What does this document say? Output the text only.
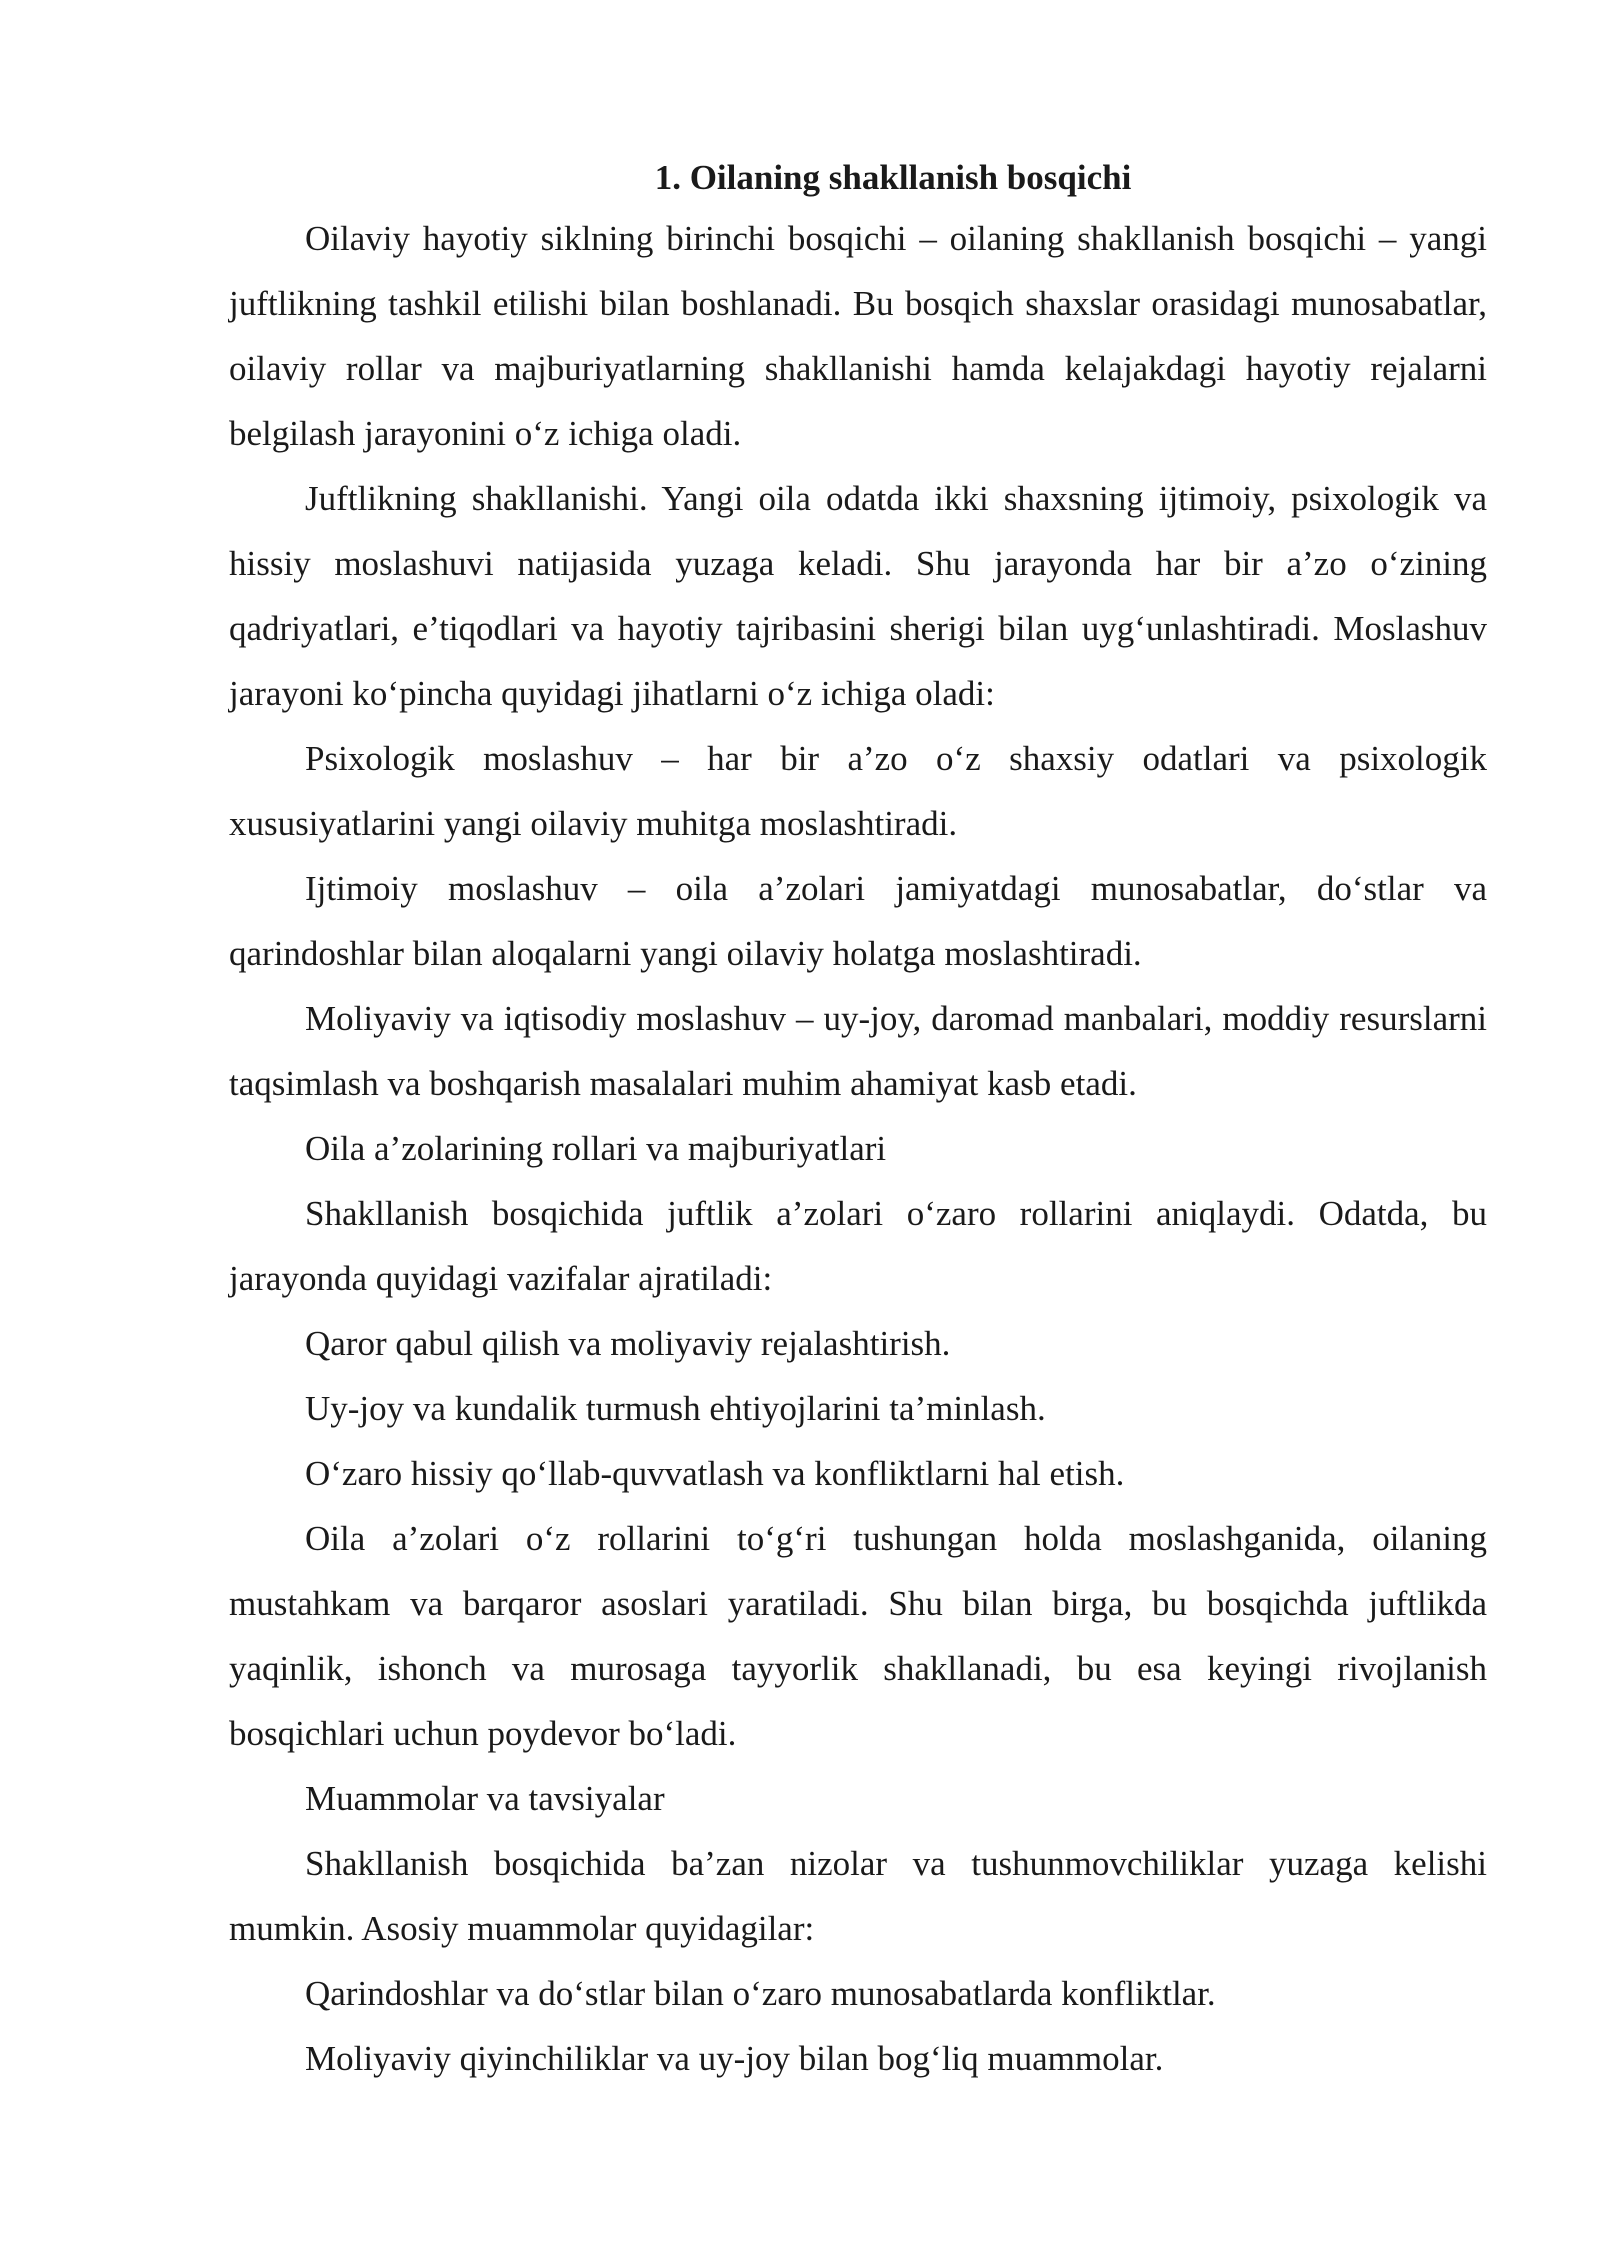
1. Oilaning shakllanish bosqichi

Oilaviy hayotiy siklning birinchi bosqichi – oilaning shakllanish bosqichi – yangi juftlikning tashkil etilishi bilan boshlanadi. Bu bosqich shaxslar orasidagi munosabatlar, oilaviy rollar va majburiyatlarning shakllanishi hamda kelajakdagi hayotiy rejalarni belgilash jarayonini o‘z ichiga oladi.

Juftlikning shakllanishi. Yangi oila odatda ikki shaxsning ijtimoiy, psixologik va hissiy moslashuvi natijasida yuzaga keladi. Shu jarayonda har bir a’zo o‘zining qadriyatlari, e’tiqodlari va hayotiy tajribasini sherigi bilan uyg‘unlashtiradi. Moslashuv jarayoni ko‘pincha quyidagi jihatlarni o‘z ichiga oladi:

Psixologik moslashuv – har bir a’zo o‘z shaxsiy odatlari va psixologik xususiyatlarini yangi oilaviy muhitga moslashtiradi.

Ijtimoiy moslashuv – oila a’zolari jamiyatdagi munosabatlar, do‘stlar va qarindoshlar bilan aloqalarni yangi oilaviy holatga moslashtiradi.

Moliyaviy va iqtisodiy moslashuv – uy-joy, daromad manbalari, moddiy resurslarni taqsimlash va boshqarish masalalari muhim ahamiyat kasb etadi.

Oila a’zolarining rollari va majburiyatlari

Shakllanish bosqichida juftlik a’zolari o‘zaro rollarini aniqlaydi. Odatda, bu jarayonda quyidagi vazifalar ajratiladi:

Qaror qabul qilish va moliyaviy rejalashtirish.

Uy-joy va kundalik turmush ehtiyojlarini ta’minlash.

O‘zaro hissiy qo‘llab-quvvatlash va konfliktlarni hal etish.

Oila a’zolari o‘z rollarini to‘g‘ri tushungan holda moslashganida, oilaning mustahkam va barqaror asoslari yaratiladi. Shu bilan birga, bu bosqichda juftlikda yaqinlik, ishonch va murosaga tayyorlik shakllanadi, bu esa keyingi rivojlanish bosqichlari uchun poydevor bo‘ladi.

Muammolar va tavsiyalar

Shakllanish bosqichida ba’zan nizolar va tushunmovchiliklar yuzaga kelishi mumkin. Asosiy muammolar quyidagilar:

Qarindoshlar va do‘stlar bilan o‘zaro munosabatlarda konfliktlar.

Moliyaviy qiyinchiliklar va uy-joy bilan bog‘liq muammolar.
